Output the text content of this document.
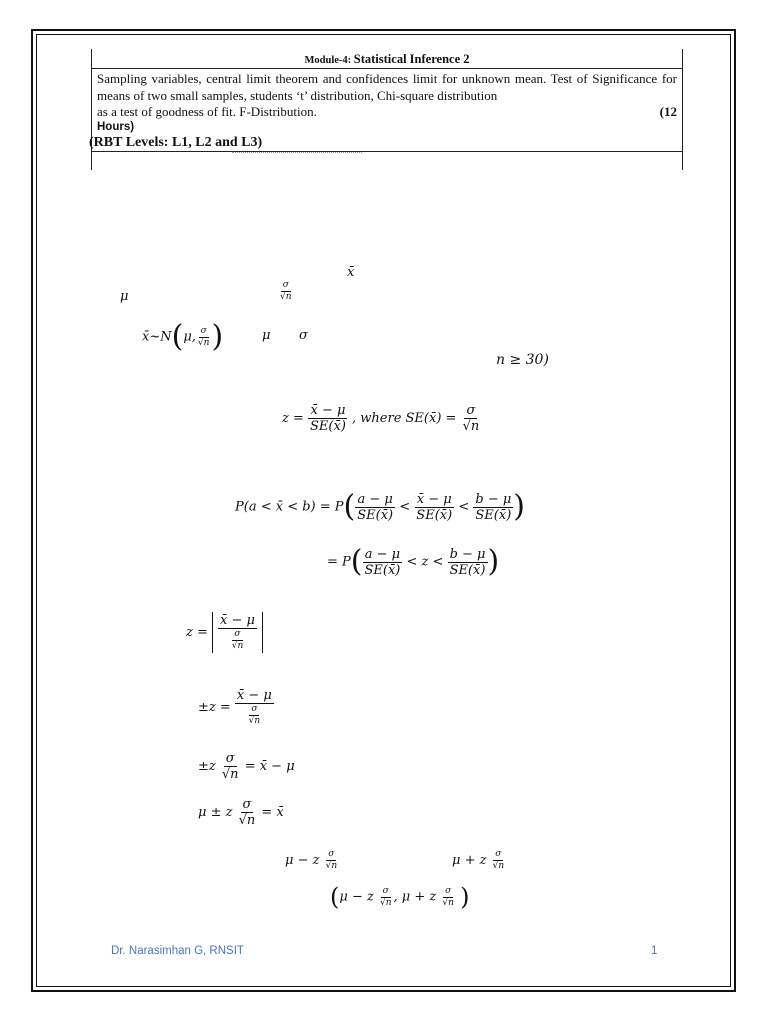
Module-4: Statistical Inference 2
Sampling variables, central limit theorem and confidences limit for unknown mean. Test of Significance for means of two small samples, students ‘t’ distribution, Chi-square distribution
as a test of goodness of fit. F-Distribution.	(12
Hours)
(RBT Levels: L1, L2 and L3)
x̄
μ	$\frac{\sigma}{√n}$
x̄~N(μ, $\frac{\sigma}{√n}$ )	μ σ
n ≥ 30)
$z = \frac{x̄ - \mu}{SE(x̄)}$ , where SE(x̄) = $\frac{\sigma}{√n}$
P(a < x̄ < $b) = P( \frac{a - \mu}{SE(x̄)} < \frac{x̄ - \mu}{SE(x̄)} < \frac{b - \mu}{SE(x̄)}$ )
= $P( \frac{a - \mu}{SE(x̄)} < z < \frac{b - \mu}{SE(x̄)}$ )
$z = \frac{x̄ - \mu}{\frac{\sigma}{√n}}$
$\pm z = \frac{x̄ - \mu}{\frac{\sigma}{√n}}$
$\pm z \frac{\sigma}{√n}$ = x̄ − μ
μ ± z $\frac{\sigma}{√n}$ = x̄
μ − z $\frac{\sigma}{√n}$	μ + z $\frac{\sigma}{√n}$
(μ − z $\frac{\sigma}{√n}$ , μ + z $\frac{\sigma}{√n}$ )
Dr. Narasimhan G, RNSIT	1
